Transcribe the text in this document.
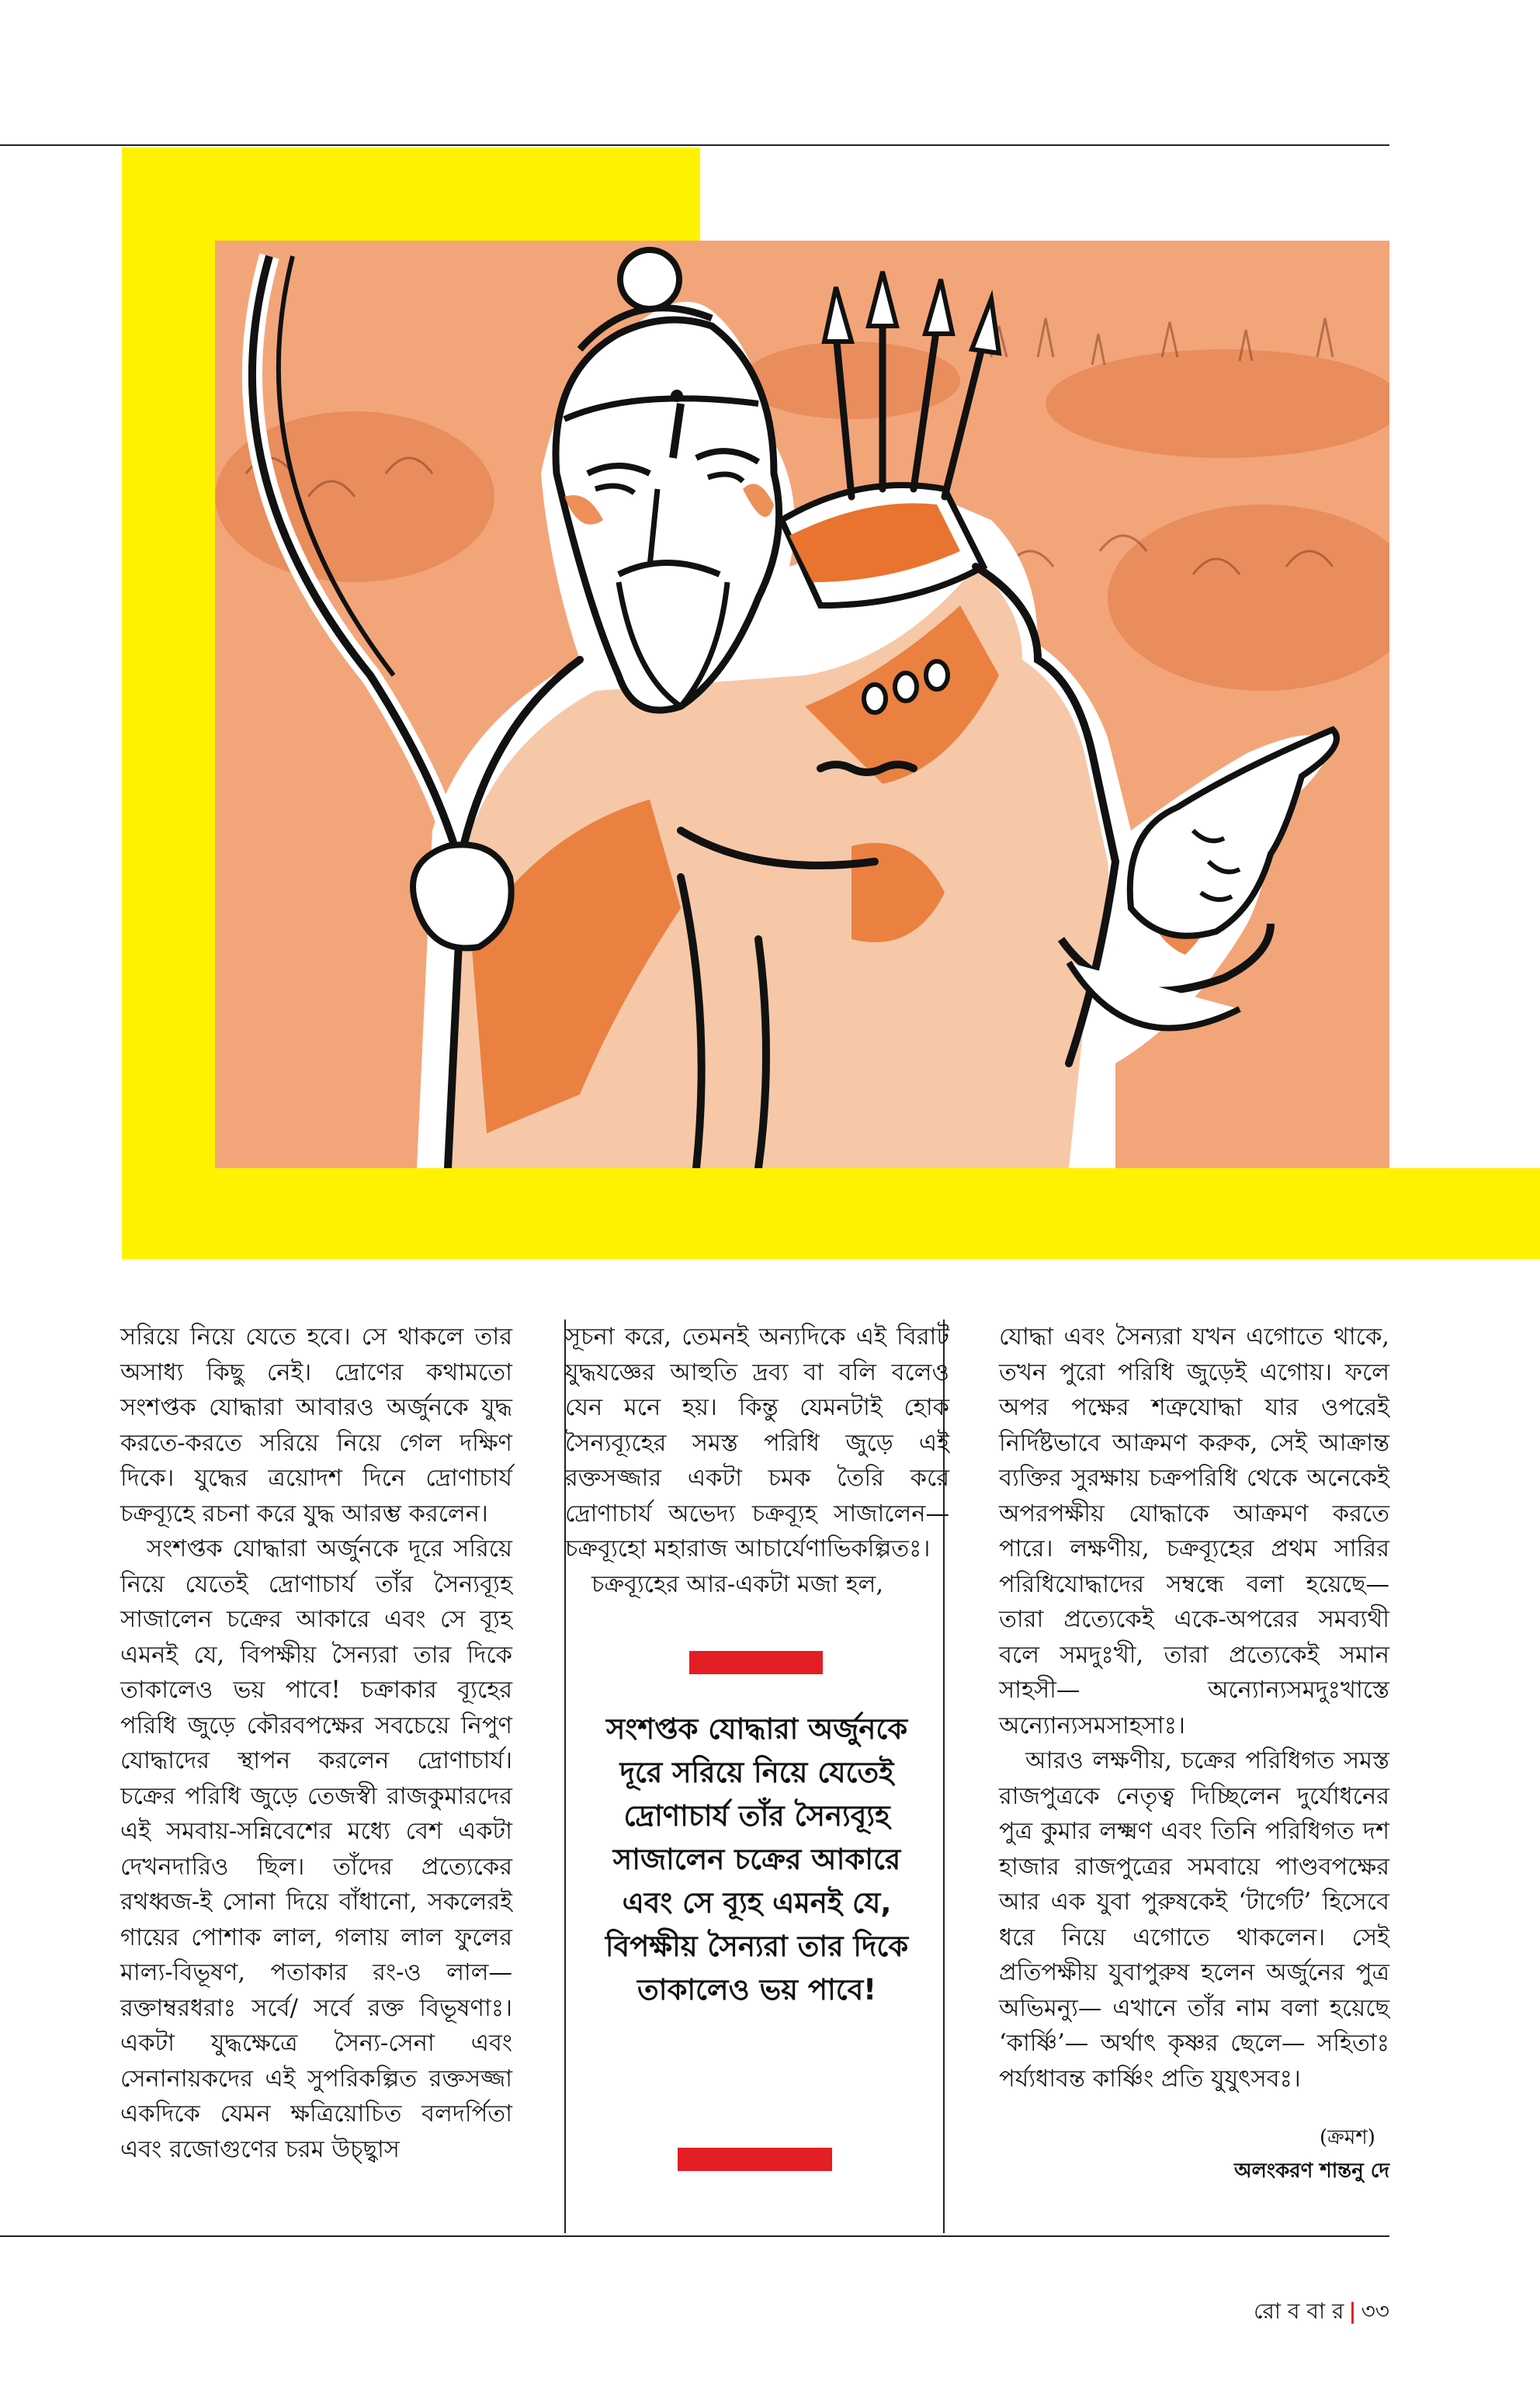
সরিয়ে নিয়ে যেতে হবে। সে থাকলে তার অসাধ্য কিছু নেই। দ্রোণের কথামতো সংশপ্তক যোদ্ধারা আবারও অর্জুনকে যুদ্ধ করতে-করতে সরিয়ে নিয়ে গেল দক্ষিণ দিকে। যুদ্ধের ত্রয়োদশ দিনে দ্রোণাচার্য চক্রব্যূহে রচনা করে যুদ্ধ আরম্ভ করলেন।

সংশপ্তক যোদ্ধারা অর্জুনকে দূরে সরিয়ে নিয়ে যেতেই দ্রোণাচার্য তাঁর সৈন্যব্যূহ সাজালেন চক্রের আকারে এবং সে ব্যূহ এমনই যে, বিপক্ষীয় সৈন্যরা তার দিকে তাকালেও ভয় পাবে! চক্রাকার ব্যূহের পরিধি জুড়ে কৌরবপক্ষের সবচেয়ে নিপুণ যোদ্ধাদের স্থাপন করলেন দ্রোণাচার্য। চক্রের পরিধি জুড়ে তেজস্বী রাজকুমারদের এই সমবায়-সন্নিবেশের মধ্যে বেশ একটা দেখনদারিও ছিল। তাঁদের প্রত্যেকের রথধ্বজ-ই সোনা দিয়ে বাঁধানো, সকলেরই গায়ের পোশাক লাল, গলায় লাল ফুলের মাল্য-বিভূষণ, পতাকার রং-ও লাল— রক্তাম্বরধরাঃ সর্বে/ সর্বে রক্ত বিভূষণাঃ। একটা যুদ্ধক্ষেত্রে সৈন্য-সেনা এবং সেনানায়কদের এই সুপরিকল্পিত রক্তসজ্জা একদিকে যেমন ক্ষত্রিয়োচিত বলদর্পিতা এবং রজোগুণের চরম উচ্ছ্বাস

সূচনা করে, তেমনই অন্যদিকে এই বিরাট যুদ্ধযজ্ঞের আহুতি দ্রব্য বা বলি বলেও যেন মনে হয়। কিন্তু যেমনটাই হোক সৈন্যব্যূহের সমস্ত পরিধি জুড়ে এই রক্তসজ্জার একটা চমক তৈরি করে দ্রোণাচার্য অভেদ্য চক্রব্যূহ সাজালেন— চক্রব্যূহো মহারাজ আচার্যেণাভিকল্পিতঃ।

চক্রব্যূহের আর-একটা মজা হল,

যোদ্ধা এবং সৈন্যরা যখন এগোতে থাকে, তখন পুরো পরিধি জুড়েই এগোয়। ফলে অপর পক্ষের শত্রুযোদ্ধা যার ওপরেই নির্দিষ্টভাবে আক্রমণ করুক, সেই আক্রান্ত ব্যক্তির সুরক্ষায় চক্রপরিধি থেকে অনেকেই অপরপক্ষীয় যোদ্ধাকে আক্রমণ করতে পারে। লক্ষণীয়, চক্রব্যূহের প্রথম সারির পরিধিযোদ্ধাদের সম্বন্ধে বলা হয়েছে— তারা প্রত্যেকেই একে-অপরের সমব্যথী বলে সমদুঃখী, তারা প্রত্যেকেই সমান সাহসী— অন্যোন্যসমদুঃখাস্তে অন্যোন্যসমসাহসাঃ।

আরও লক্ষণীয়, চক্রের পরিধিগত সমস্ত রাজপুত্রকে নেতৃত্ব দিচ্ছিলেন দুর্যোধনের পুত্র কুমার লক্ষ্মণ এবং তিনি পরিধিগত দশ হাজার রাজপুত্রের সমবায়ে পাণ্ডবপক্ষের আর এক যুবা পুরুষকেই ‘টার্গেট’ হিসেবে ধরে নিয়ে এগোতে থাকলেন। সেই প্রতিপক্ষীয় যুবাপুরুষ হলেন অর্জুনের পুত্র অভিমন্যু— এখানে তাঁর নাম বলা হয়েছে ‘কার্ষ্ণি’— অর্থাৎ কৃষ্ণর ছেলে— সহিতাঃ পর্য্যধাবন্ত কার্ষ্ণিং প্রতি যুযুৎসবঃ।

সংশপ্তক যোদ্ধারা অর্জুনকে দূরে সরিয়ে নিয়ে যেতেই দ্রোণাচার্য তাঁর সৈন্যব্যূহ সাজালেন চক্রের আকারে এবং সে ব্যূহ এমনই যে, বিপক্ষীয় সৈন্যরা তার দিকে তাকালেও ভয় পাবে!
(ক্রমশ)
অলংকরণ শান্তনু দে
রো ব বা র | ৩৩
